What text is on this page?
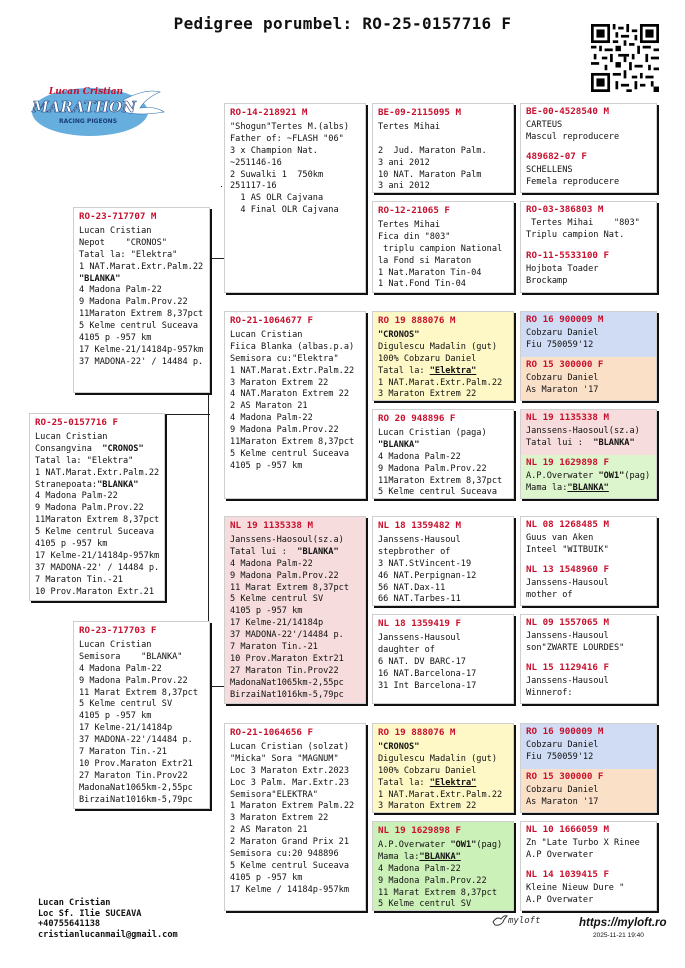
Pedigree porumbel: RO-25-0157716 F
Lucan Cristian
MARATHON
RACING PIGEONS
RO-25-0157716 F
Lucan Cristian
Consangvina  "CRONOS"
Tatal la: "Elektra"
1 NAT.Marat.Extr.Palm.22
Stranepoata:"BLANKA"
4 Madona Palm-22
9 Madona Palm.Prov.22
11Maraton Extrem 8,37pct
5 Kelme centrul Suceava
4105 p -957 km
17 Kelme-21/14184p-957km
37 MADONA-22' / 14484 p.
7 Maraton Tin.-21
10 Prov.Maraton Extr.21
RO-23-717707 M
Lucan Cristian
Nepot    "CRONOS"
Tatal la: "Elektra"
1 NAT.Marat.Extr.Palm.22
"BLANKA"
4 Madona Palm-22
9 Madona Palm.Prov.22
11Maraton Extrem 8,37pct
5 Kelme centrul Suceava
4105 p -957 km
17 Kelme-21/14184p-957km
37 MADONA-22' / 14484 p.
RO-23-717703 F
Lucan Cristian
Semisora    "BLANKA"
4 Madona Palm-22
9 Madona Palm.Prov.22
11 Marat Extrem 8,37pct
5 Kelme centrul SV
4105 p -957 km
17 Kelme-21/14184p
37 MADONA-22'/14484 p.
7 Maraton Tin.-21
10 Prov.Maraton Extr21
27 Maraton Tin.Prov22
MadonaNat1065km-2,55pc
BirzaiNat1016km-5,79pc
RO-14-218921 M
"Shogun"Tertes M.(albs)
Father of: ~FLASH "06"
3 x Champion Nat.
~251146-16
2 Suwalki 1  750km
251117-16
1 AS OLR Cajvana
4 Final OLR Cajvana
RO-21-1064677 F
Lucan Cristian
Fiica Blanka (albas.p.a)
Semisora cu:"Elektra"
1 NAT.Marat.Extr.Palm.22
3 Maraton Extrem 22
4 NAT.Maraton Extrem 22
2 AS Maraton 21
4 Madona Palm-22
9 Madona Palm.Prov.22
11Maraton Extrem 8,37pct
5 Kelme centrul Suceava
4105 p -957 km
NL 19 1135338 M
Janssens-Haosoul(sz.a)
Tatal lui :  "BLANKA"
4 Madona Palm-22
9 Madona Palm.Prov.22
11 Marat Extrem 8,37pct
5 Kelme centrul SV
4105 p -957 km
17 Kelme-21/14184p
37 MADONA-22'/14484 p.
7 Maraton Tin.-21
10 Prov.Maraton Extr21
27 Maraton Tin.Prov22
MadonaNat1065km-2,55pc
BirzaiNat1016km-5,79pc
RO-21-1064656 F
Lucan Cristian (solzat)
"Micka" Sora "MAGNUM"
Loc 3 Maraton Extr.2023
Loc 3 Palm. Mar.Extr.23
Semisora"ELEKTRA"
1 Maraton Extrem Palm.22
3 Maraton Extrem 22
2 AS Maraton 21
2 Maraton Grand Prix 21
Semisora cu:20 948896
5 Kelme centrul Suceava
4105 p -957 km
17 Kelme / 14184p-957km
BE-09-2115095 M
Tertes Mihai

2  Jud. Maraton Palm.
3 ani 2012
10 NAT. Maraton Palm
3 ani 2012
RO-12-21065 F
Tertes Mihai
Fica din "803"
triplu campion National
la Fond si Maraton
1 Nat.Maraton Tin-04
1 Nat.Fond Tin-04
RO 19 888076 M
"CRONOS"
Digulescu Madalin (gut)
100% Cobzaru Daniel
Tatal la: "Elektra"
1 NAT.Marat.Extr.Palm.22
3 Maraton Extrem 22
RO 20 948896 F
Lucan Cristian (paga)
"BLANKA"
4 Madona Palm-22
9 Madona Palm.Prov.22
11Maraton Extrem 8,37pct
5 Kelme centrul Suceava
NL 18 1359482 M
Janssens-Hausoul
stepbrother of
3 NAT.StVincent-19
46 NAT.Perpignan-12
56 NAT.Dax-11
66 NAT.Tarbes-11
NL 18 1359419 F
Janssens-Hausoul
daughter of
6 NAT. DV BARC-17
16 NAT.Barcelona-17
31 Int Barcelona-17
RO 19 888076 M
"CRONOS"
Digulescu Madalin (gut)
100% Cobzaru Daniel
Tatal la: "Elektra"
1 NAT.Marat.Extr.Palm.22
3 Maraton Extrem 22
NL 19 1629898 F
A.P.Overwater "OW1"(pag)
Mama la:"BLANKA"
4 Madona Palm-22
9 Madona Palm.Prov.22
11 Marat Extrem 8,37pct
5 Kelme centrul SV
BE-00-4528540 M
CARTEUS
Mascul reproducere
489682-07 F
SCHELLENS
Femela reproducere
RO-03-386803 M
Tertes Mihai    "803"
Triplu campion Nat.
RO-11-5533100 F
Hojbota Toader
Brockamp
RO 16 900009 M
Cobzaru Daniel
Fiu 750059'12
RO 15 300000 F
Cobzaru Daniel
As Maraton '17
NL 19 1135338 M
Janssens-Haosoul(sz.a)
Tatal lui :  "BLANKA"
NL 19 1629898 F
A.P.Overwater "OW1"(pag)
Mama la:"BLANKA"
NL 08 1268485 M
Guus van Aken
Inteel "WITBUIK"
NL 13 1548960 F
Janssens-Hausoul
mother of
NL 09 1557065 M
Janssens-Hausoul
son"ZWARTE LOURDES"
NL 15 1129416 F
Janssens-Hausoul
Winnerof:
RO 16 900009 M
Cobzaru Daniel
Fiu 750059'12
RO 15 300000 F
Cobzaru Daniel
As Maraton '17
NL 10 1666059 M
Zn "Late Turbo X Rinee
A.P Overwater
NL 14 1039415 F
Kleine Nieuw Dure "
A.P Overwater
Lucan Cristian
Loc Sf. Ilie SUCEAVA
+40755641138
cristianlucanmail@gmail.com
myloft	https://myloft.ro
2025-11-21 19:40
